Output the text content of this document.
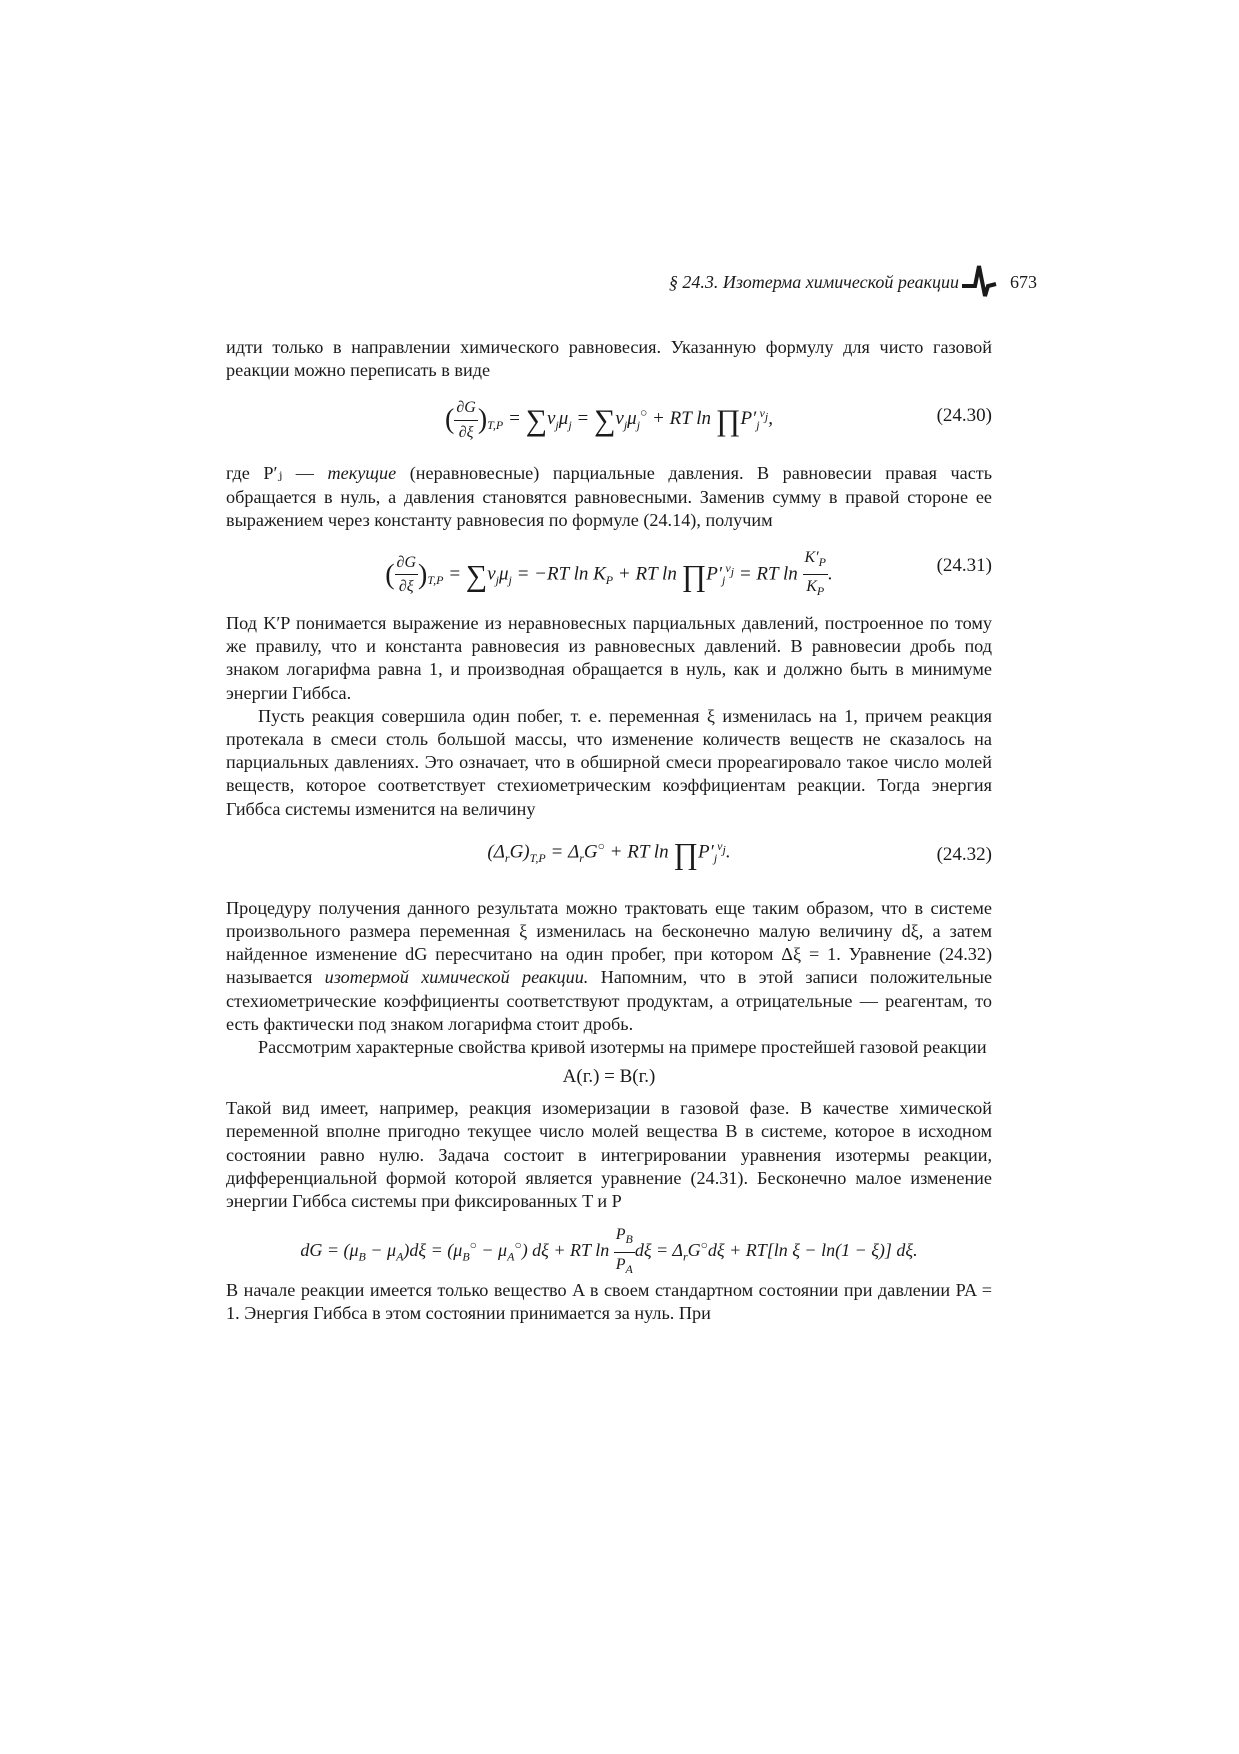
§ 24.3. Изотерма химической реакции	673

идти только в направлении химического равновесия. Указанную формулу для чисто газовой реакции можно переписать в виде

( $\frac{\partial G}{\partial\xi} )_{T,P} = \sum\nu_j\mu_j = \sum\nu_j\mu_j^○$ + RT $\ln \prod P'_j^{\nu_j}$,	(24.30)

где P′ⱼ — текущие (неравновесные) парциальные давления. В равновесии правая часть обращается в нуль, а давления становятся равновесными. Заменив сумму в правой стороне ее выражением через константу равновесия по формуле (24.14), получим

( $\frac{\partial G}{\partial\xi} )_{T,P} = \sum\nu_j\mu_j = -RT$ $\ln K_P$ + RT $\ln \prod P'_j^{\nu_j}$ = RT $\ln \frac{K'_P}{K_P}$ .	(24.31)

Под K′P понимается выражение из неравновесных парциальных давлений, построенное по тому же правилу, что и константа равновесия из равновесных давлений. В равновесии дробь под знаком логарифма равна 1, и производная обращается в нуль, как и должно быть в минимуме энергии Гиббса.

Пусть реакция совершила один побег, т. е. переменная ξ изменилась на 1, причем реакция протекала в смеси столь большой массы, что изменение количеств веществ не сказалось на парциальных давлениях. Это означает, что в обширной смеси прореагировало такое число молей веществ, которое соответствует стехиометрическим коэффициентам реакции. Тогда энергия Гиббса системы изменится на величину

$(\Delta_rG)_{T,P} = \Delta_rG^○$ + RT $\ln \prod P'_j^{\nu_j}$.	(24.32)

Процедуру получения данного результата можно трактовать еще таким образом, что в системе произвольного размера переменная ξ изменилась на бесконечно малую величину dξ, а затем найденное изменение dG пересчитано на один пробег, при котором Δξ = 1. Уравнение (24.32) называется изотермой химической реакции. Напомним, что в этой записи положительные стехиометрические коэффициенты соответствуют продуктам, а отрицательные — реагентам, то есть фактически под знаком логарифма стоит дробь.

Рассмотрим характерные свойства кривой изотермы на примере простейшей газовой реакции

A(г.) = B(г.)

Такой вид имеет, например, реакция изомеризации в газовой фазе. В качестве химической переменной вполне пригодно текущее число молей вещества B в системе, которое в исходном состоянии равно нулю. Задача состоит в интегрировании уравнения изотермы реакции, дифференциальной формой которой является уравнение (24.31). Бесконечно малое изменение энергии Гиббса системы при фиксированных T и P

dG = $(\mu_B - \mu_A)d\xi = (\mu_B^○ - \mu_A^○) d\xi$ + RT $\ln \frac{P_B}{P_A}$ $d\xi = \Delta_rG^○d\xi + RT[\ln$ ξ − ln(1 − ξ)] dξ.

В начале реакции имеется только вещество A в своем стандартном состоянии при давлении PA = 1. Энергия Гиббса в этом состоянии принимается за нуль. При
